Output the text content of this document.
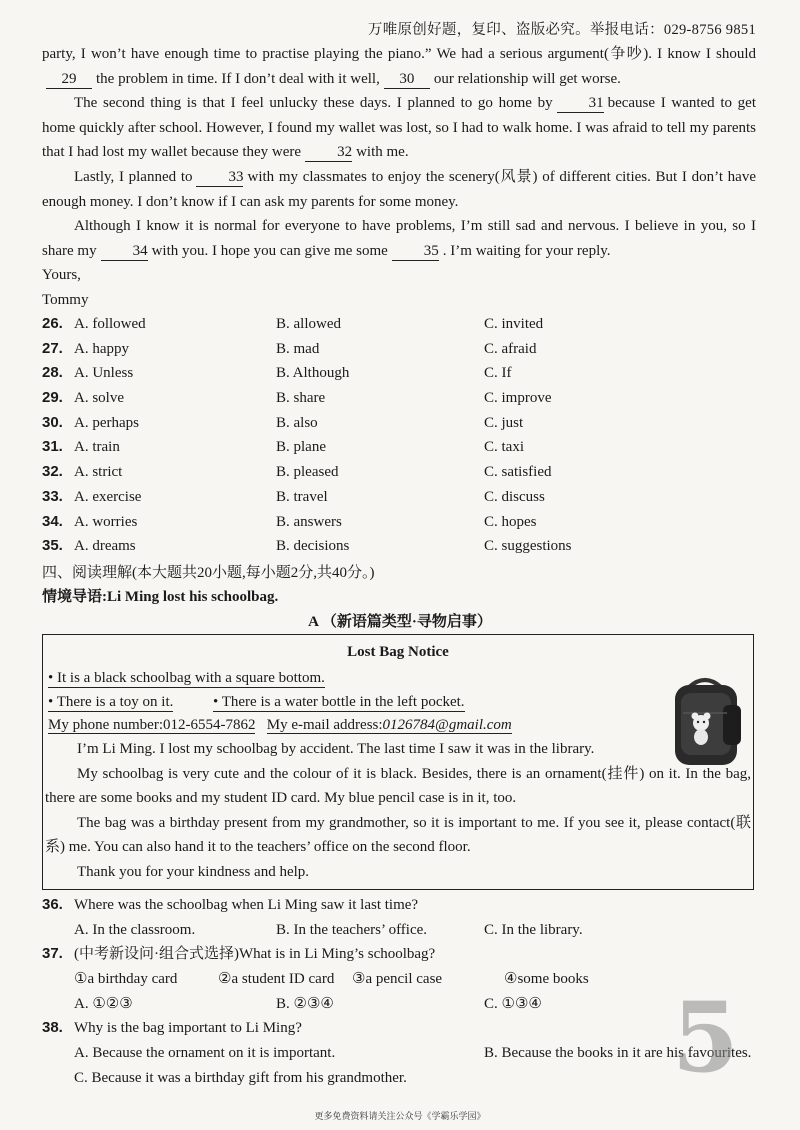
万唯原创好题，复印、盗版必究。举报电话：029-8756 9851

party, I won’t have enough time to practise playing the piano.” We had a serious argument(争吵). I know I should29 the problem in time. If I don’t deal with it well, 30 our relationship will get worse.

The second thing is that I feel unlucky these days. I planned to go home by 31 because I wanted to get home quickly after school. However, I found my wallet was lost, so I had to walk home. I was afraid to tell my parents that I had lost my wallet because they were 32 with me.

Lastly, I planned to 33 with my classmates to enjoy the scenery(风景) of different cities. But I don’t have enough money. I don’t know if I can ask my parents for some money.

Although I know it is normal for everyone to have problems, I’m still sad and nervous. I believe in you, so I share my 34 with you. I hope you can give me some 35 . I’m waiting for your reply.

Yours,

Tommy

26. A. followed	B. allowed	C. invited
27. A. happy	B. mad	C. afraid
28. A. Unless	B. Although	C. If
29. A. solve	B. share	C. improve
30. A. perhaps	B. also	C. just
31. A. train	B. plane	C. taxi
32. A. strict	B. pleased	C. satisfied
33. A. exercise	B. travel	C. discuss
34. A. worries	B. answers	C. hopes
35. A. dreams	B. decisions	C. suggestions
四、阅读理解(本大题共20小题,每小题2分,共40分。)
情境导语:Li Ming lost his schoolbag.
A （新语篇类型·寻物启事）
Lost Bag Notice
• It is a black schoolbag with a square bottom.
• There is a toy on it.	• There is a water bottle in the left pocket.
My phone number:012-6554-7862 My e-mail address:0126784@gmail.com

I’m Li Ming. I lost my schoolbag by accident. The last time I saw it was in the library.

My schoolbag is very cute and the colour of it is black. Besides, there is an ornament(挂件) on it. In the bag, there are some books and my student ID card. My blue pencil case is in it, too.

The bag was a birthday present from my grandmother, so it is important to me. If you see it, please contact(联系) me. You can also hand it to the teachers’ office on the second floor.

Thank you for your kindness and help.

36. Where was the schoolbag when Li Ming saw it last time?
A. In the classroom.	B. In the teachers’ office.	C. In the library.
37. (中考新设问·组合式选择)What is in Li Ming’s schoolbag?
①a birthday card	②a student ID card ③a pencil case	④some books
A. ①②③	B. ②③④	C. ①③④
38. Why is the bag important to Li Ming?
A. Because the ornament on it is important.	B. Because the books in it are his favourites.
C. Because it was a birthday gift from his grandmother.	5
更多免费资料请关注公众号《学霸乐学园》
